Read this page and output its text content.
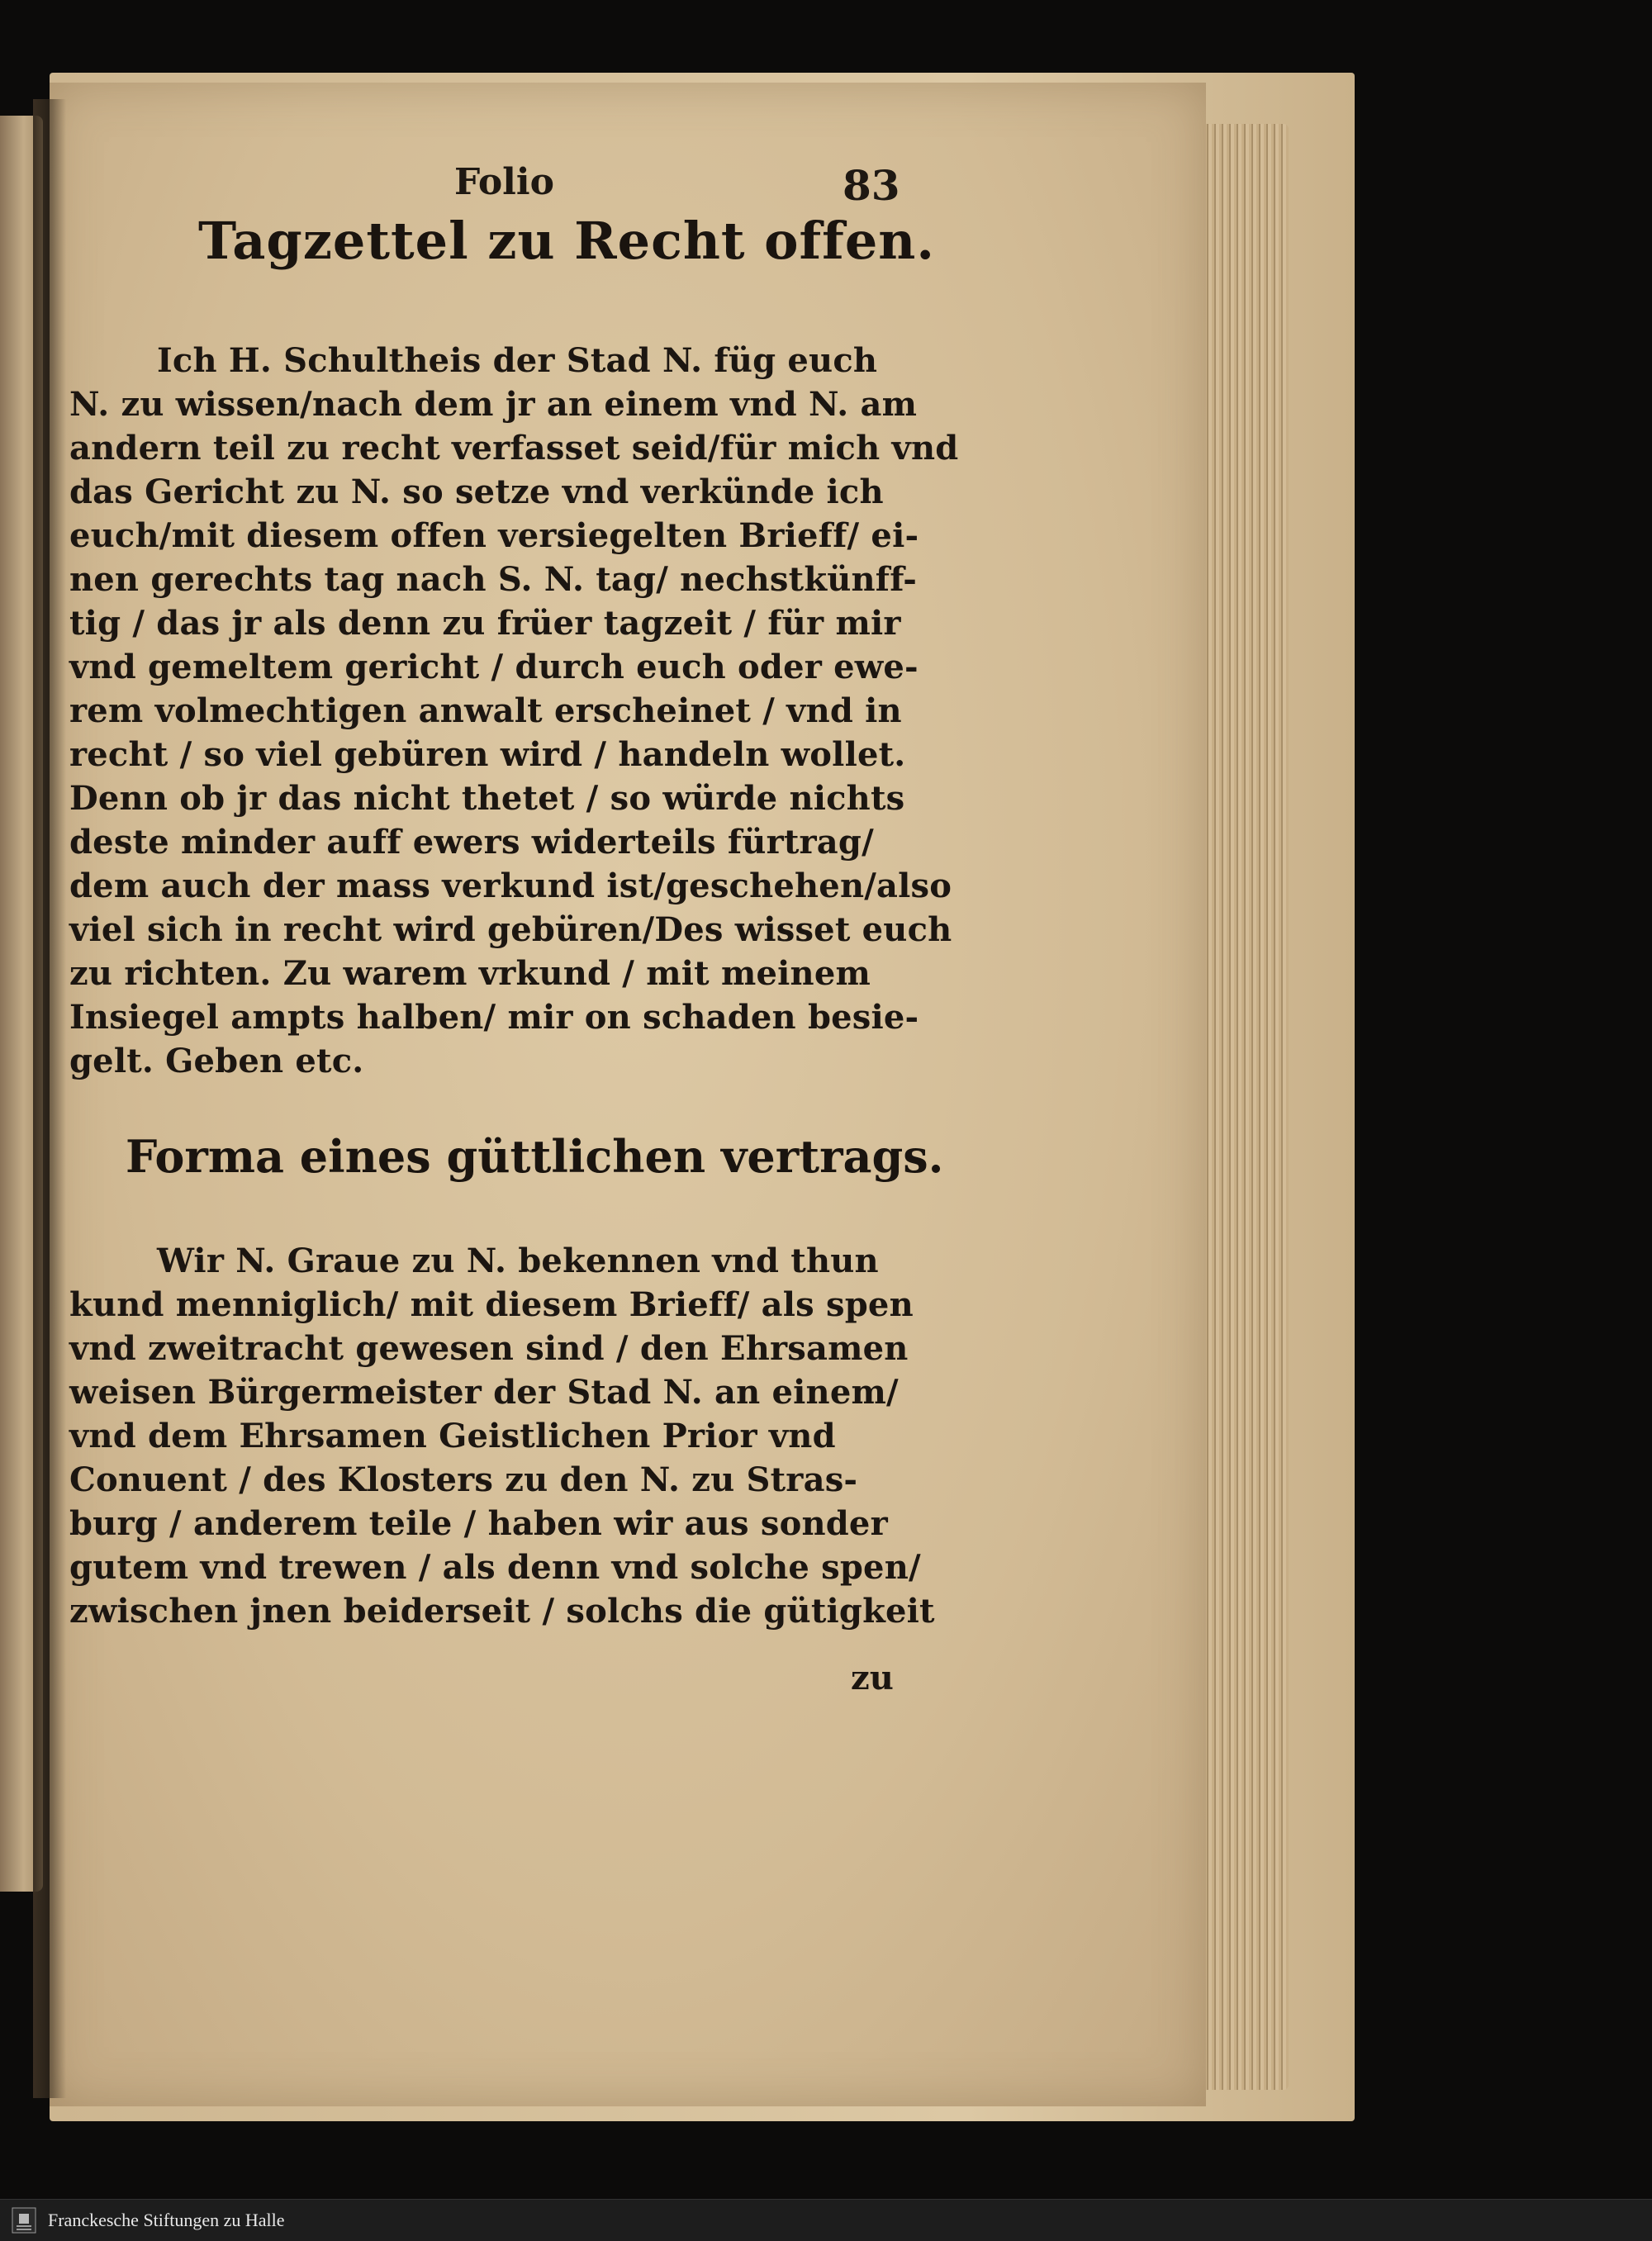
Folio	83
Tagzettel zu Recht offen.
Ich H. Schultheis der Stad N. füg euch
N. zu wissen/nach dem jr an einem vnd N. am
andern teil zu recht verfasset seid/für mich vnd
das Gericht zu N. so setze vnd verkünde ich
euch/mit diesem offen versiegelten Brieff/ ei-
nen gerechts tag nach S. N. tag/ nechstkünff-
tig / das jr als denn zu früer tagzeit / für mir
vnd gemeltem gericht / durch euch oder ewe-
rem volmechtigen anwalt erscheinet / vnd in
recht / so viel gebüren wird / handeln wollet.
Denn ob jr das nicht thetet / so würde nichts
deste minder auff ewers widerteils fürtrag/
dem auch der mass verkund ist/geschehen/also
viel sich in recht wird gebüren/Des wisset euch
zu richten. Zu warem vrkund / mit meinem
Insiegel ampts halben/ mir on schaden besie-
gelt. Geben etc.
Forma eines güttlichen vertrags.
Wir N. Graue zu N. bekennen vnd thun
kund menniglich/ mit diesem Brieff/ als spen
vnd zweitracht gewesen sind / den Ehrsamen
weisen Bürgermeister der Stad N. an einem/
vnd dem Ehrsamen Geistlichen Prior vnd
Conuent / des Klosters zu den N. zu Stras-
burg / anderem teile / haben wir aus sonder
gutem vnd trewen / als denn vnd solche spen/
zwischen jnen beiderseit / solchs die gütigkeit
zu
Franckesche Stiftungen zu Halle
